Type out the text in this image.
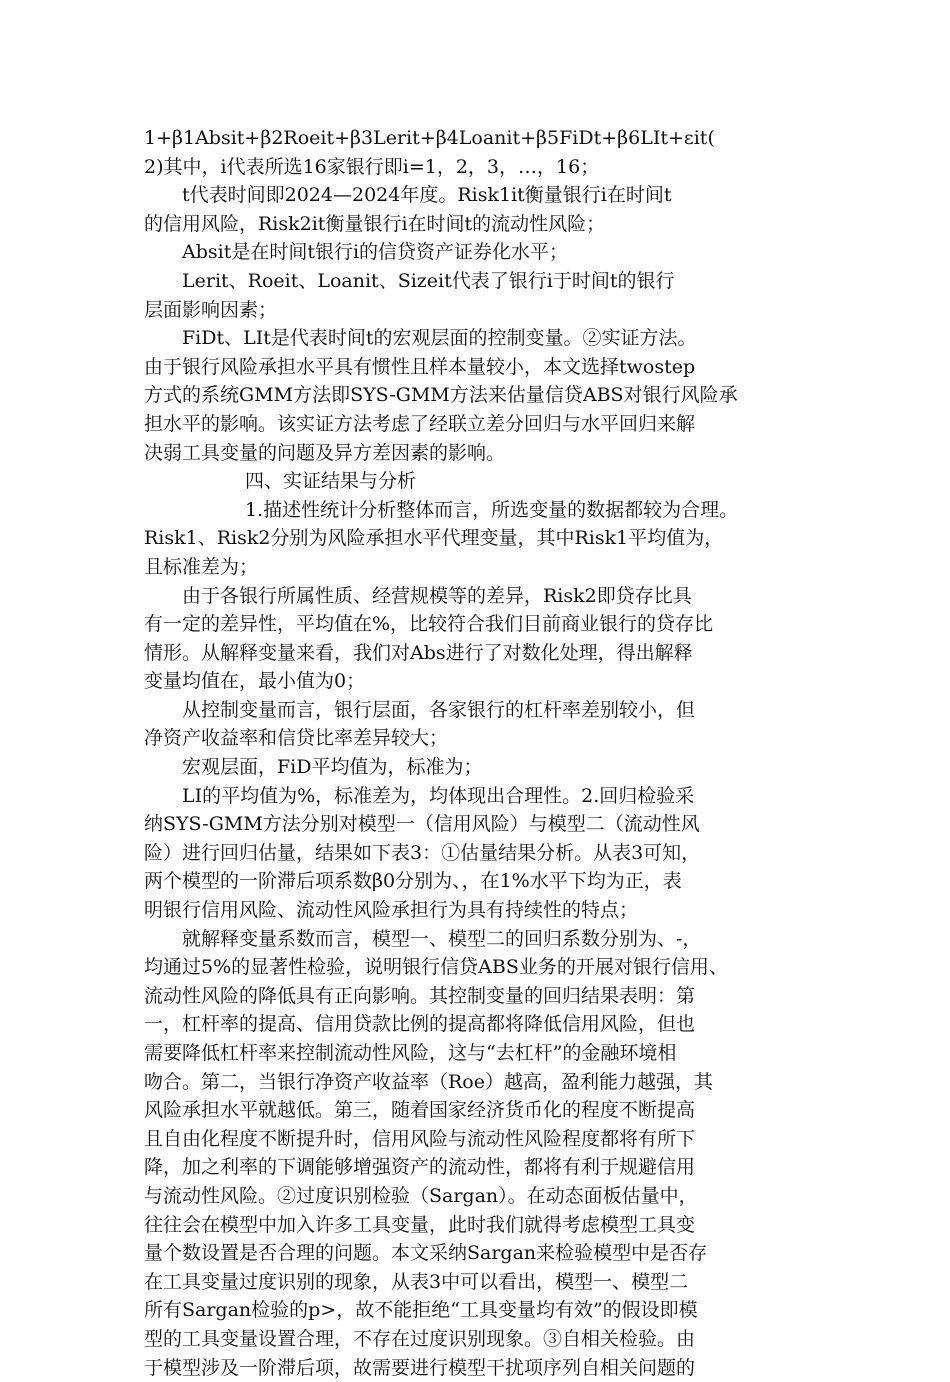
1+β1Absit+β2Roeit+β3Lerit+β4Loanit+β5FiDt+β6LIt+εit(
2)其中，i代表所选16家银行即i=1，2，3，…，16；
t代表时间即2024—2024年度。Risk1it衡量银行i在时间t
的信用风险，Risk2it衡量银行i在时间t的流动性风险；
Absit是在时间t银行i的信贷资产证券化水平；
Lerit、Roeit、Loanit、Sizeit代表了银行i于时间t的银行
层面影响因素；
FiDt、LIt是代表时间t的宏观层面的控制变量。②实证方法。
由于银行风险承担水平具有惯性且样本量较小，本文选择twostep
方式的系统GMM方法即SYS-GMM方法来估量信贷ABS对银行风险承
担水平的影响。该实证方法考虑了经联立差分回归与水平回归来解
决弱工具变量的问题及异方差因素的影响。
四、实证结果与分析
1.描述性统计分析整体而言，所选变量的数据都较为合理。
Risk1、Risk2分别为风险承担水平代理变量，其中Risk1平均值为，
且标准差为；
由于各银行所属性质、经营规模等的差异，Risk2即贷存比具
有一定的差异性，平均值在%，比较符合我们目前商业银行的贷存比
情形。从解释变量来看，我们对Abs进行了对数化处理，得出解释
变量均值在，最小值为0；
从控制变量而言，银行层面，各家银行的杠杆率差别较小，但
净资产收益率和信贷比率差异较大；
宏观层面，FiD平均值为，标准为；
LI的平均值为%，标准差为，均体现出合理性。2.回归检验采
纳SYS-GMM方法分别对模型一（信用风险）与模型二（流动性风
险）进行回归估量，结果如下表3：①估量结果分析。从表3可知，
两个模型的一阶滞后项系数β0分别为、，在1%水平下均为正，表
明银行信用风险、流动性风险承担行为具有持续性的特点；
就解释变量系数而言，模型一、模型二的回归系数分别为、-，
均通过5%的显著性检验，说明银行信贷ABS业务的开展对银行信用、
流动性风险的降低具有正向影响。其控制变量的回归结果表明：第
一，杠杆率的提高、信用贷款比例的提高都将降低信用风险，但也
需要降低杠杆率来控制流动性风险，这与“去杠杆”的金融环境相
吻合。第二，当银行净资产收益率（Roe）越高，盈利能力越强，其
风险承担水平就越低。第三，随着国家经济货币化的程度不断提高
且自由化程度不断提升时，信用风险与流动性风险程度都将有所下
降，加之利率的下调能够增强资产的流动性，都将有利于规避信用
与流动性风险。②过度识别检验（Sargan）。在动态面板估量中，
往往会在模型中加入许多工具变量，此时我们就得考虑模型工具变
量个数设置是否合理的问题。本文采纳Sargan来检验模型中是否存
在工具变量过度识别的现象，从表3中可以看出，模型一、模型二
所有Sargan检验的p>，故不能拒绝“工具变量均有效”的假设即模
型的工具变量设置合理，不存在过度识别现象。③自相关检验。由
于模型涉及一阶滞后项，故需要进行模型干扰项序列自相关问题的
